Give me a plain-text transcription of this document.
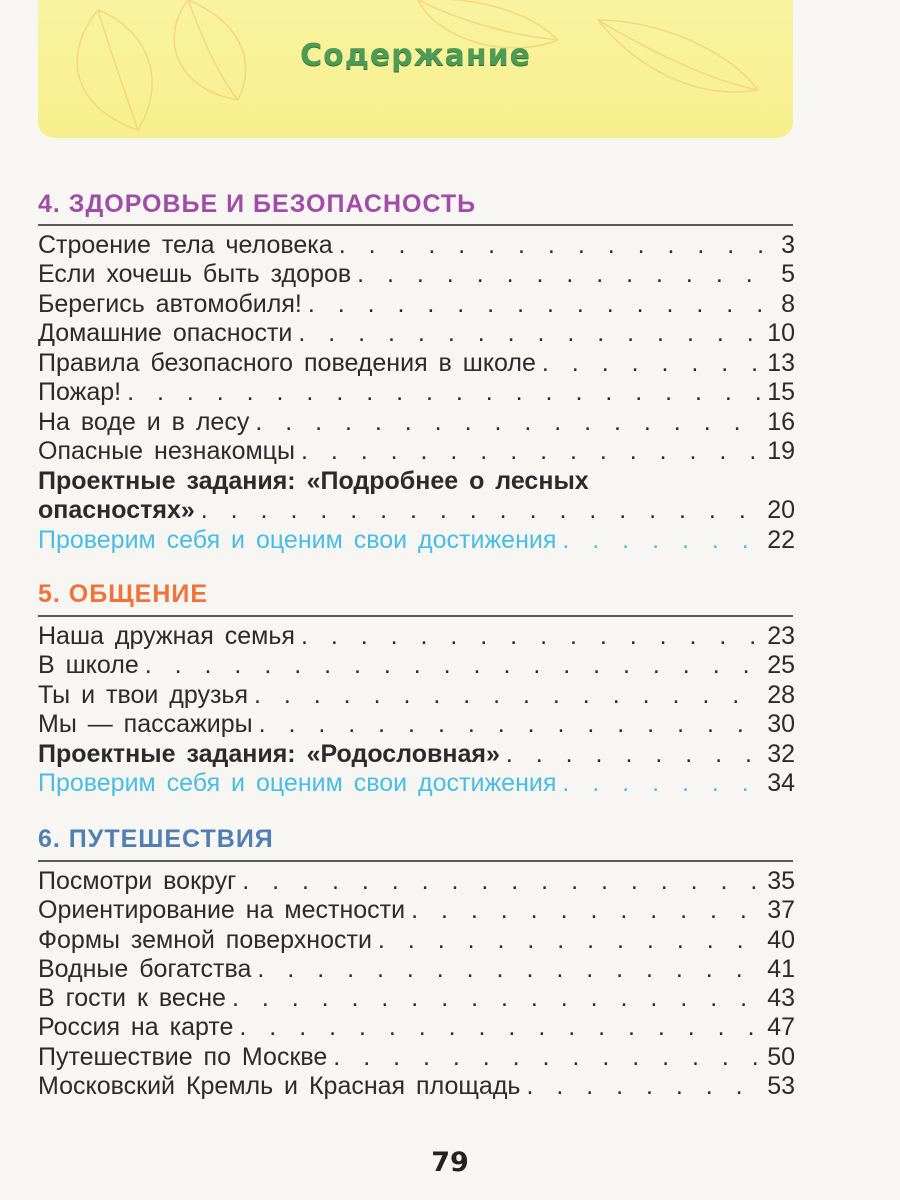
Содержание
4. ЗДОРОВЬЕ И БЕЗОПАСНОСТЬ
Строение тела человека . . .	3
Если хочешь быть здоров . . .	5
Берегись автомобиля! . . .	8
Домашние опасности . . .	10
Правила безопасного поведения в школе . . .	13
Пожар! . . .	15
На воде и в лесу . . .	16
Опасные незнакомцы . . .	19
Проектные задания: «Подробнее о лесных
опасностях» . . .	20
Проверим себя и оценим свои достижения . . .	22
5. ОБЩЕНИЕ
Наша дружная семья . . .	23
В школе . . .	25
Ты и твои друзья . . .	28
Мы — пассажиры . . .	30
Проектные задания: «Родословная» . . .	32
Проверим себя и оценим свои достижения . . .	34
6. ПУТЕШЕСТВИЯ
Посмотри вокруг . . .	35
Ориентирование на местности . . .	37
Формы земной поверхности . . .	40
Водные богатства . . .	41
В гости к весне . . .	43
Россия на карте . . .	47
Путешествие по Москве . . .	50
Московский Кремль и Красная площадь . . .	53
79
